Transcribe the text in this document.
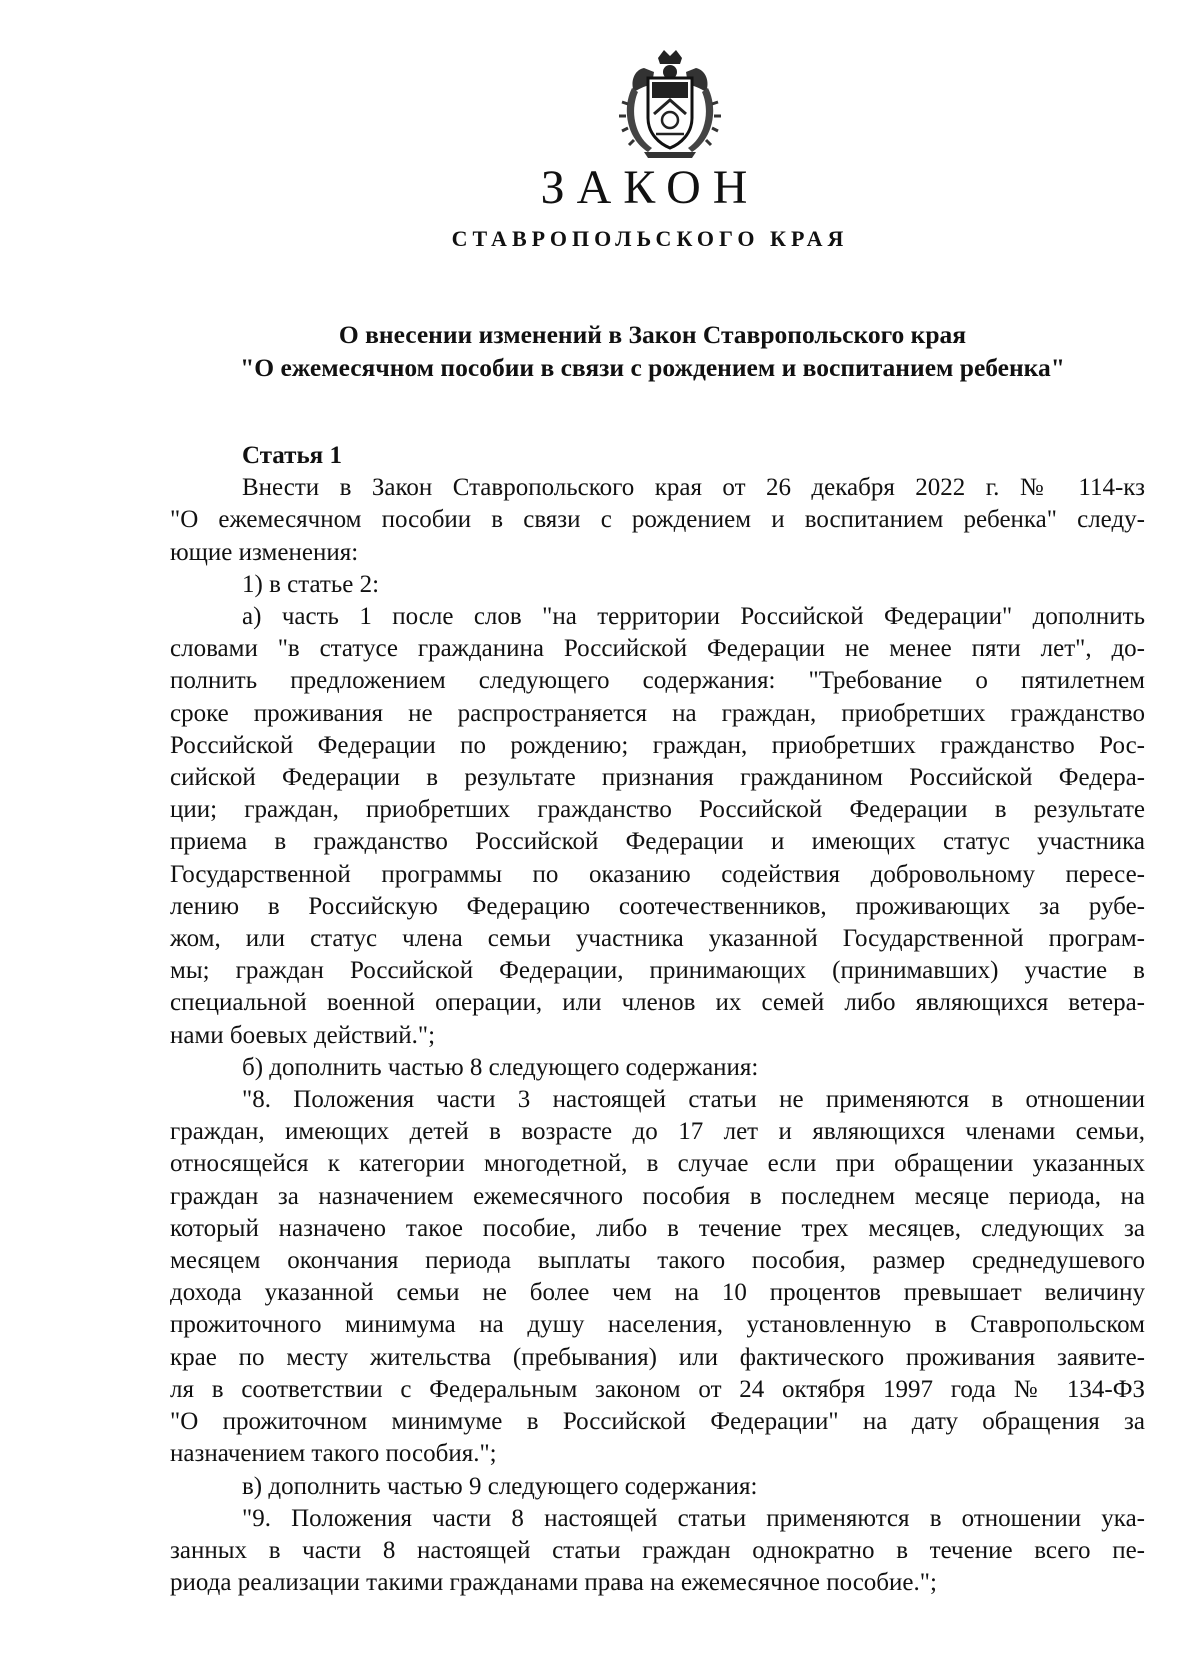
ЗАКОН
СТАВРОПОЛЬСКОГО КРАЯ
О внесении изменений в Закон Ставропольского края
"О ежемесячном пособии в связи с рождением и воспитанием ребенка"
Статья 1
Внести в Закон Ставропольского края от 26 декабря 2022 г. № 114-кз
"О ежемесячном пособии в связи с рождением и воспитанием ребенка" следу-
ющие изменения:
1) в статье 2:
а) часть 1 после слов "на территории Российской Федерации" дополнить
словами "в статусе гражданина Российской Федерации не менее пяти лет", до-
полнить предложением следующего содержания: "Требование о пятилетнем
сроке проживания не распространяется на граждан, приобретших гражданство
Российской Федерации по рождению; граждан, приобретших гражданство Рос-
сийской Федерации в результате признания гражданином Российской Федера-
ции; граждан, приобретших гражданство Российской Федерации в результате
приема в гражданство Российской Федерации и имеющих статус участника
Государственной программы по оказанию содействия добровольному пересе-
лению в Российскую Федерацию соотечественников, проживающих за рубе-
жом, или статус члена семьи участника указанной Государственной програм-
мы; граждан Российской Федерации, принимающих (принимавших) участие в
специальной военной операции, или членов их семей либо являющихся ветера-
нами боевых действий.";
б) дополнить частью 8 следующего содержания:
"8. Положения части 3 настоящей статьи не применяются в отношении
граждан, имеющих детей в возрасте до 17 лет и являющихся членами семьи,
относящейся к категории многодетной, в случае если при обращении указанных
граждан за назначением ежемесячного пособия в последнем месяце периода, на
который назначено такое пособие, либо в течение трех месяцев, следующих за
месяцем окончания периода выплаты такого пособия, размер среднедушевого
дохода указанной семьи не более чем на 10 процентов превышает величину
прожиточного минимума на душу населения, установленную в Ставропольском
крае по месту жительства (пребывания) или фактического проживания заявите-
ля в соответствии с Федеральным законом от 24 октября 1997 года № 134-ФЗ
"О прожиточном минимуме в Российской Федерации" на дату обращения за
назначением такого пособия.";
в) дополнить частью 9 следующего содержания:
"9. Положения части 8 настоящей статьи применяются в отношении ука-
занных в части 8 настоящей статьи граждан однократно в течение всего пе-
риода реализации такими гражданами права на ежемесячное пособие.";
